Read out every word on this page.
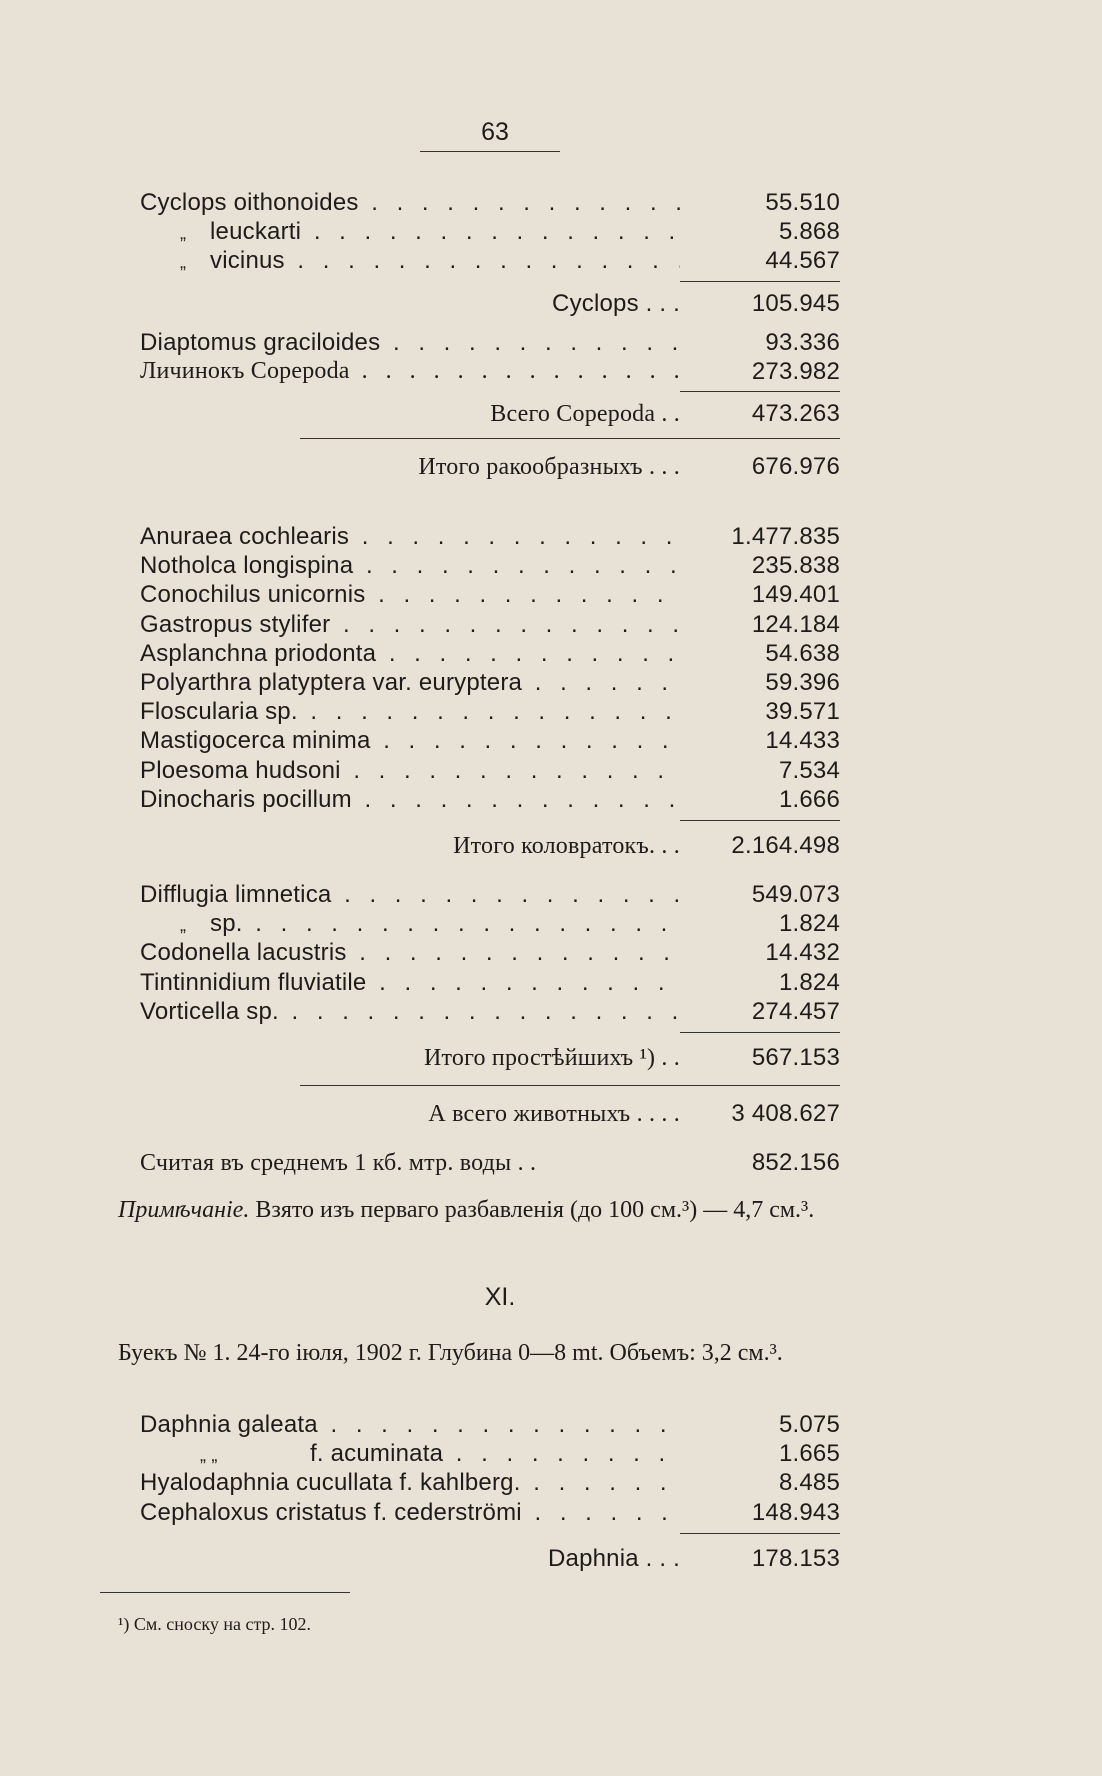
63
Cyclops oithonoides . . .	55.510
„ leuckarti . . .	5.868
„ vicinus . . .	44.567
Cyclops . . .	105.945
Diaptomus graciloides . . .	93.336
Личинокъ Copepoda . . .	273.982
Всего Copepoda . .	473.263
Итого ракообразныхъ . . .	676.976
Anuraea cochlearis . . .	1.477.835
Notholca longispina . . .	235.838
Conochilus unicornis . . .	149.401
Gastropus stylifer . . .	124.184
Asplanchna priodonta . . .	54.638
Polyarthra platyptera var. euryptera . . .	59.396
Floscularia sp. . . .	39.571
Mastigocerca minima . . .	14.433
Ploesoma hudsoni . . .	7.534
Dinocharis pocillum . . .	1.666
Итого коловратокъ. . .	2.164.498
Difflugia limnetica . . .	549.073
„ sp. . . .	1.824
Codonella lacustris . . .	14.432
Tintinnidium fluviatile . . .	1.824
Vorticella sp. . . .	274.457
Итого простѣйшихъ ¹) . .	567.153
А всего животныхъ . . . .	3 408.627
Считая въ среднемъ 1 кб. мтр. воды . .	852.156
Примѣчаніе. Взято изъ перваго разбавленія (до 100 см.³) — 4,7 см.³.
XI.
Буекъ № 1. 24-го іюля, 1902 г. Глубина 0—8 mt. Объемъ: 3,2 см.³.
Daphnia galeata . . .	5.075
„ „	f. acuminata . . .	1.665
Hyalodaphnia cucullata f. kahlberg. . . .	8.485
Cephaloxus cristatus f. cederströmi . . .	148.943
Daphnia . . .	178.153
¹) См. сноску на стр. 102.
